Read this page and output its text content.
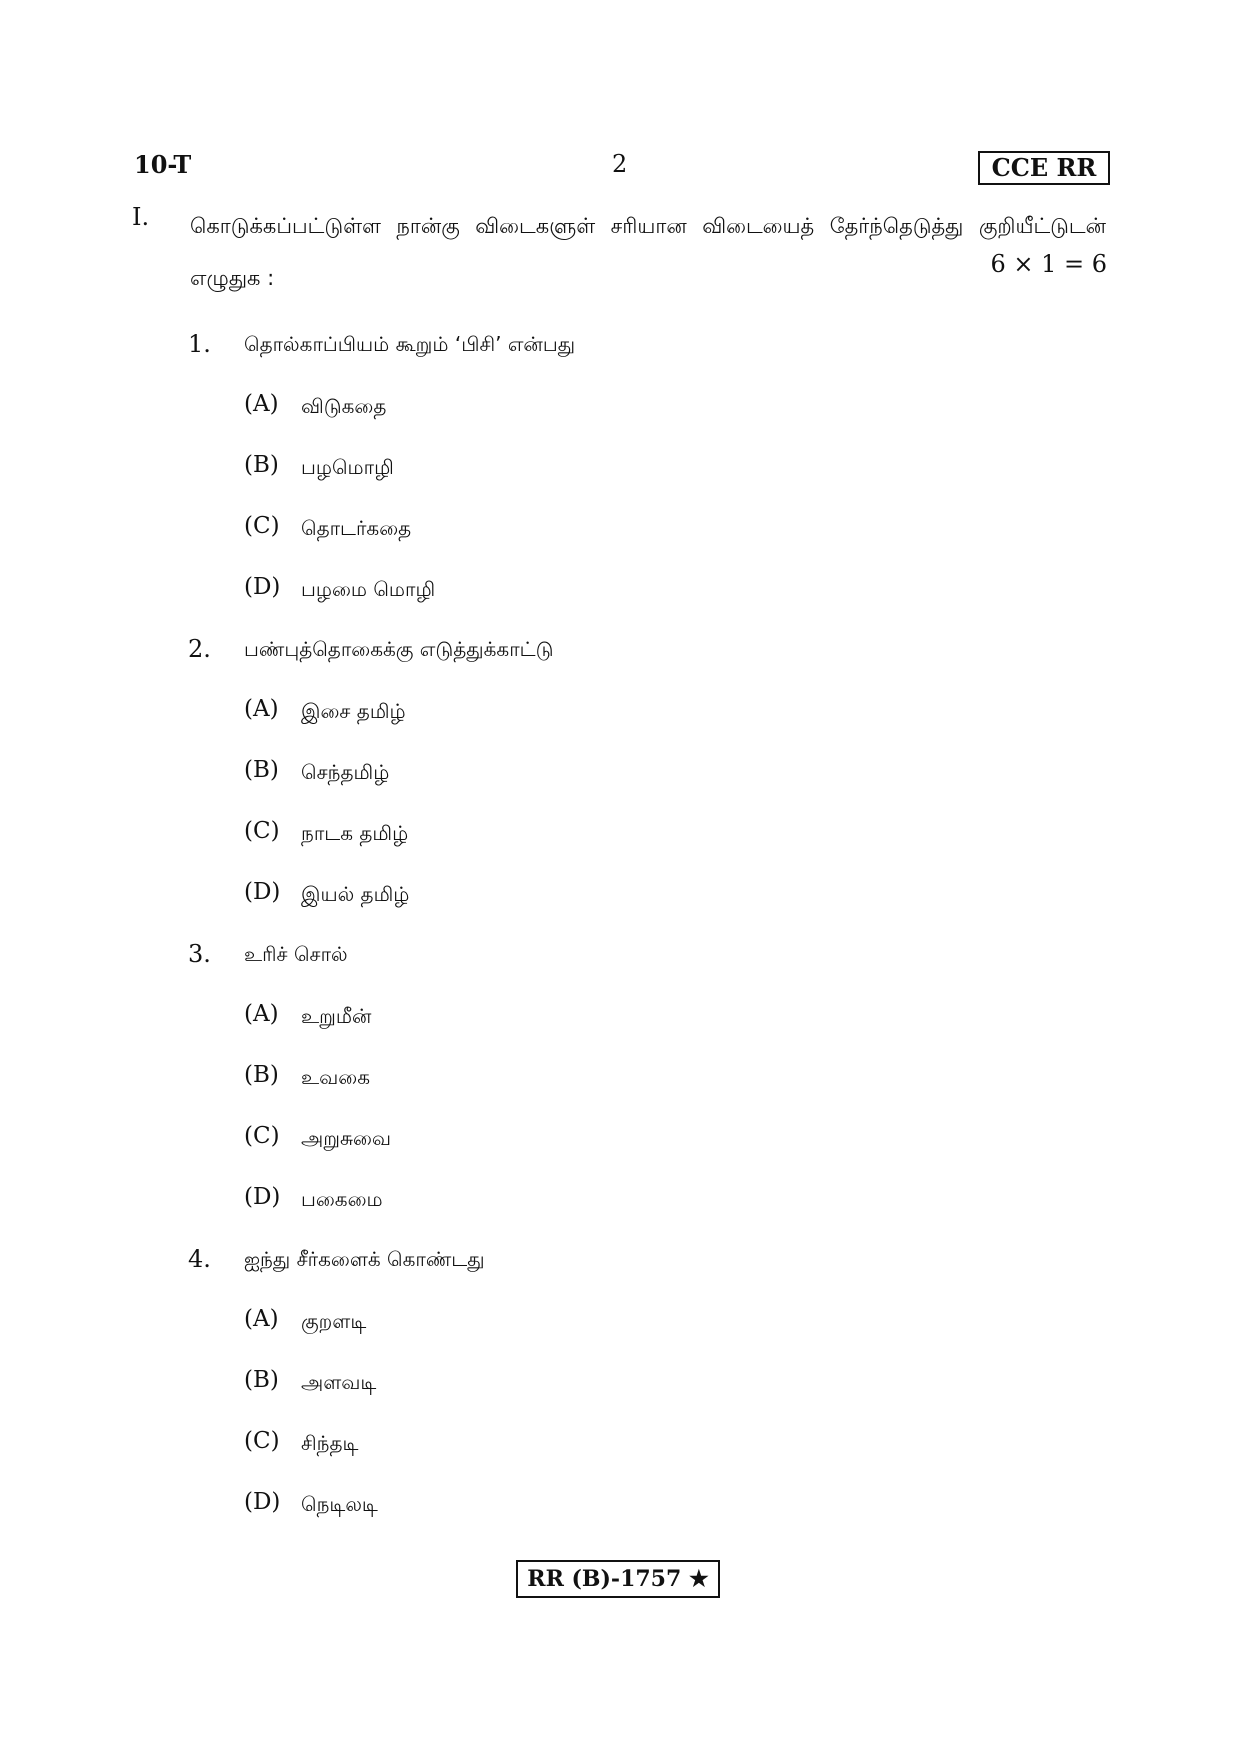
10-T	2	CCE RR
I. கொடுக்கப்பட்டுள்ள நான்கு விடைகளுள் சரியான விடையைத் தேர்ந்தெடுத்து குறியீட்டுடன் எழுதுக :	6 × 1 = 6
1. தொல்காப்பியம் கூறும் ‘பிசி’ என்பது
(A) விடுகதை
(B) பழமொழி
(C) தொடர்கதை
(D) பழமை மொழி
2. பண்புத்தொகைக்கு எடுத்துக்காட்டு
(A) இசை தமிழ்
(B) செந்தமிழ்
(C) நாடக தமிழ்
(D) இயல் தமிழ்
3. உரிச் சொல்
(A) உறுமீன்
(B) உவகை
(C) அறுசுவை
(D) பகைமை
4. ஐந்து சீர்களைக் கொண்டது
(A) குறளடி
(B) அளவடி
(C) சிந்தடி
(D) நெடிலடி
RR (B)-1757 ★
